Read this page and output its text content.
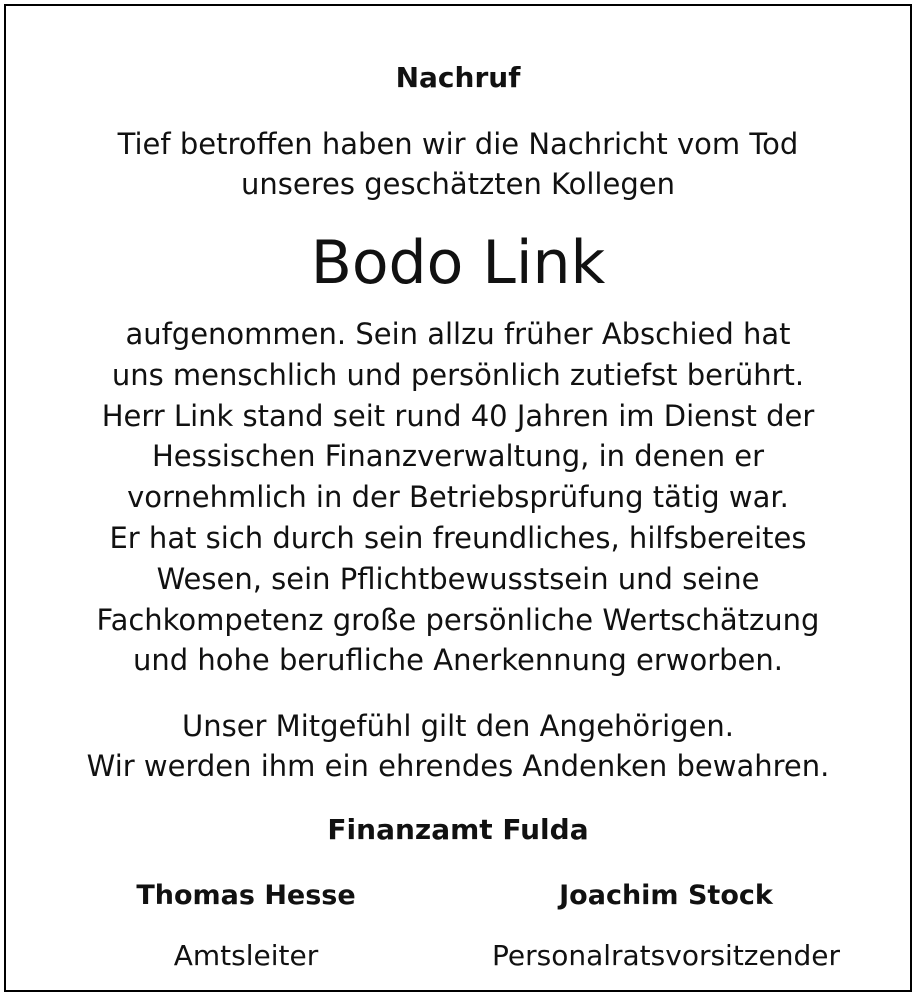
Nachruf
Tief betroffen haben wir die Nachricht vom Tod
unseres geschätzten Kollegen
Bodo Link
aufgenommen. Sein allzu früher Abschied hat
uns menschlich und persönlich zutiefst berührt.
Herr Link stand seit rund 40 Jahren im Dienst der
Hessischen Finanzverwaltung, in denen er
vornehmlich in der Betriebsprüfung tätig war.
Er hat sich durch sein freundliches, hilfsbereites
Wesen, sein Pflichtbewusstsein und seine
Fachkompetenz große persönliche Wertschätzung
und hohe berufliche Anerkennung erworben.
Unser Mitgefühl gilt den Angehörigen.
Wir werden ihm ein ehrendes Andenken bewahren.
Finanzamt Fulda
Thomas Hesse
Amtsleiter
Joachim Stock
Personalratsvorsitzender
